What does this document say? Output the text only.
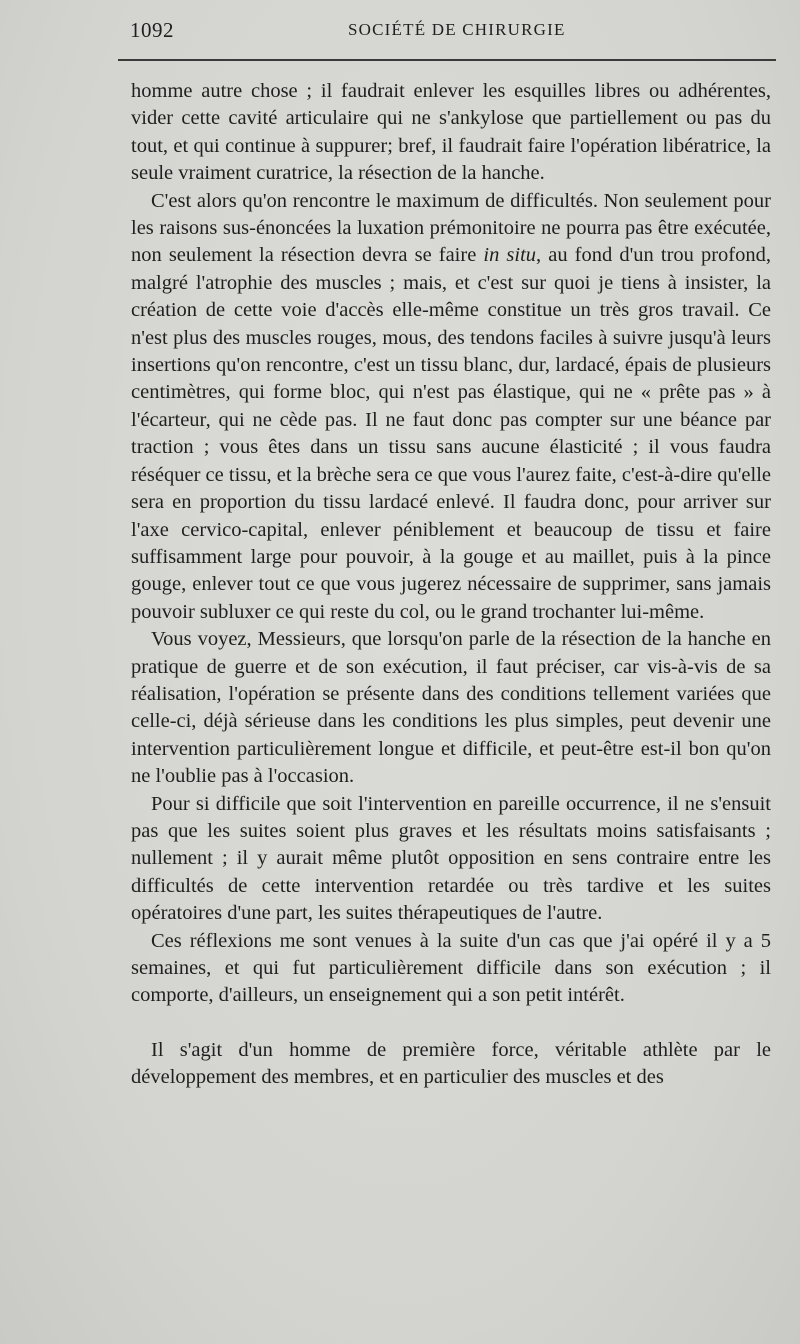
1092	SOCIÉTÉ DE CHIRURGIE

homme autre chose ; il faudrait enlever les esquilles libres ou adhérentes, vider cette cavité articulaire qui ne s'ankylose que partiellement ou pas du tout, et qui continue à suppurer; bref, il faudrait faire l'opération libératrice, la seule vraiment curatrice, la résection de la hanche.

C'est alors qu'on rencontre le maximum de difficultés. Non seulement pour les raisons sus-énoncées la luxation prémonitoire ne pourra pas être exécutée, non seulement la résection devra se faire in situ, au fond d'un trou profond, malgré l'atrophie des muscles ; mais, et c'est sur quoi je tiens à insister, la création de cette voie d'accès elle-même constitue un très gros travail. Ce n'est plus des muscles rouges, mous, des tendons faciles à suivre jusqu'à leurs insertions qu'on rencontre, c'est un tissu blanc, dur, lardacé, épais de plusieurs centimètres, qui forme bloc, qui n'est pas élastique, qui ne « prête pas » à l'écarteur, qui ne cède pas. Il ne faut donc pas compter sur une béance par traction ; vous êtes dans un tissu sans aucune élasticité ; il vous faudra réséquer ce tissu, et la brèche sera ce que vous l'aurez faite, c'est-à-dire qu'elle sera en proportion du tissu lardacé enlevé. Il faudra donc, pour arriver sur l'axe cervico-capital, enlever péniblement et beaucoup de tissu et faire suffisamment large pour pouvoir, à la gouge et au maillet, puis à la pince gouge, enlever tout ce que vous jugerez nécessaire de supprimer, sans jamais pouvoir subluxer ce qui reste du col, ou le grand trochanter lui-même.

Vous voyez, Messieurs, que lorsqu'on parle de la résection de la hanche en pratique de guerre et de son exécution, il faut préciser, car vis-à-vis de sa réalisation, l'opération se présente dans des conditions tellement variées que celle-ci, déjà sérieuse dans les conditions les plus simples, peut devenir une intervention particulièrement longue et difficile, et peut-être est-il bon qu'on ne l'oublie pas à l'occasion.

Pour si difficile que soit l'intervention en pareille occurrence, il ne s'ensuit pas que les suites soient plus graves et les résultats moins satisfaisants ; nullement ; il y aurait même plutôt opposition en sens contraire entre les difficultés de cette intervention retardée ou très tardive et les suites opératoires d'une part, les suites thérapeutiques de l'autre.

Ces réflexions me sont venues à la suite d'un cas que j'ai opéré il y a 5 semaines, et qui fut particulièrement difficile dans son exécution ; il comporte, d'ailleurs, un enseignement qui a son petit intérêt.

Il s'agit d'un homme de première force, véritable athlète par le développement des membres, et en particulier des muscles et des
